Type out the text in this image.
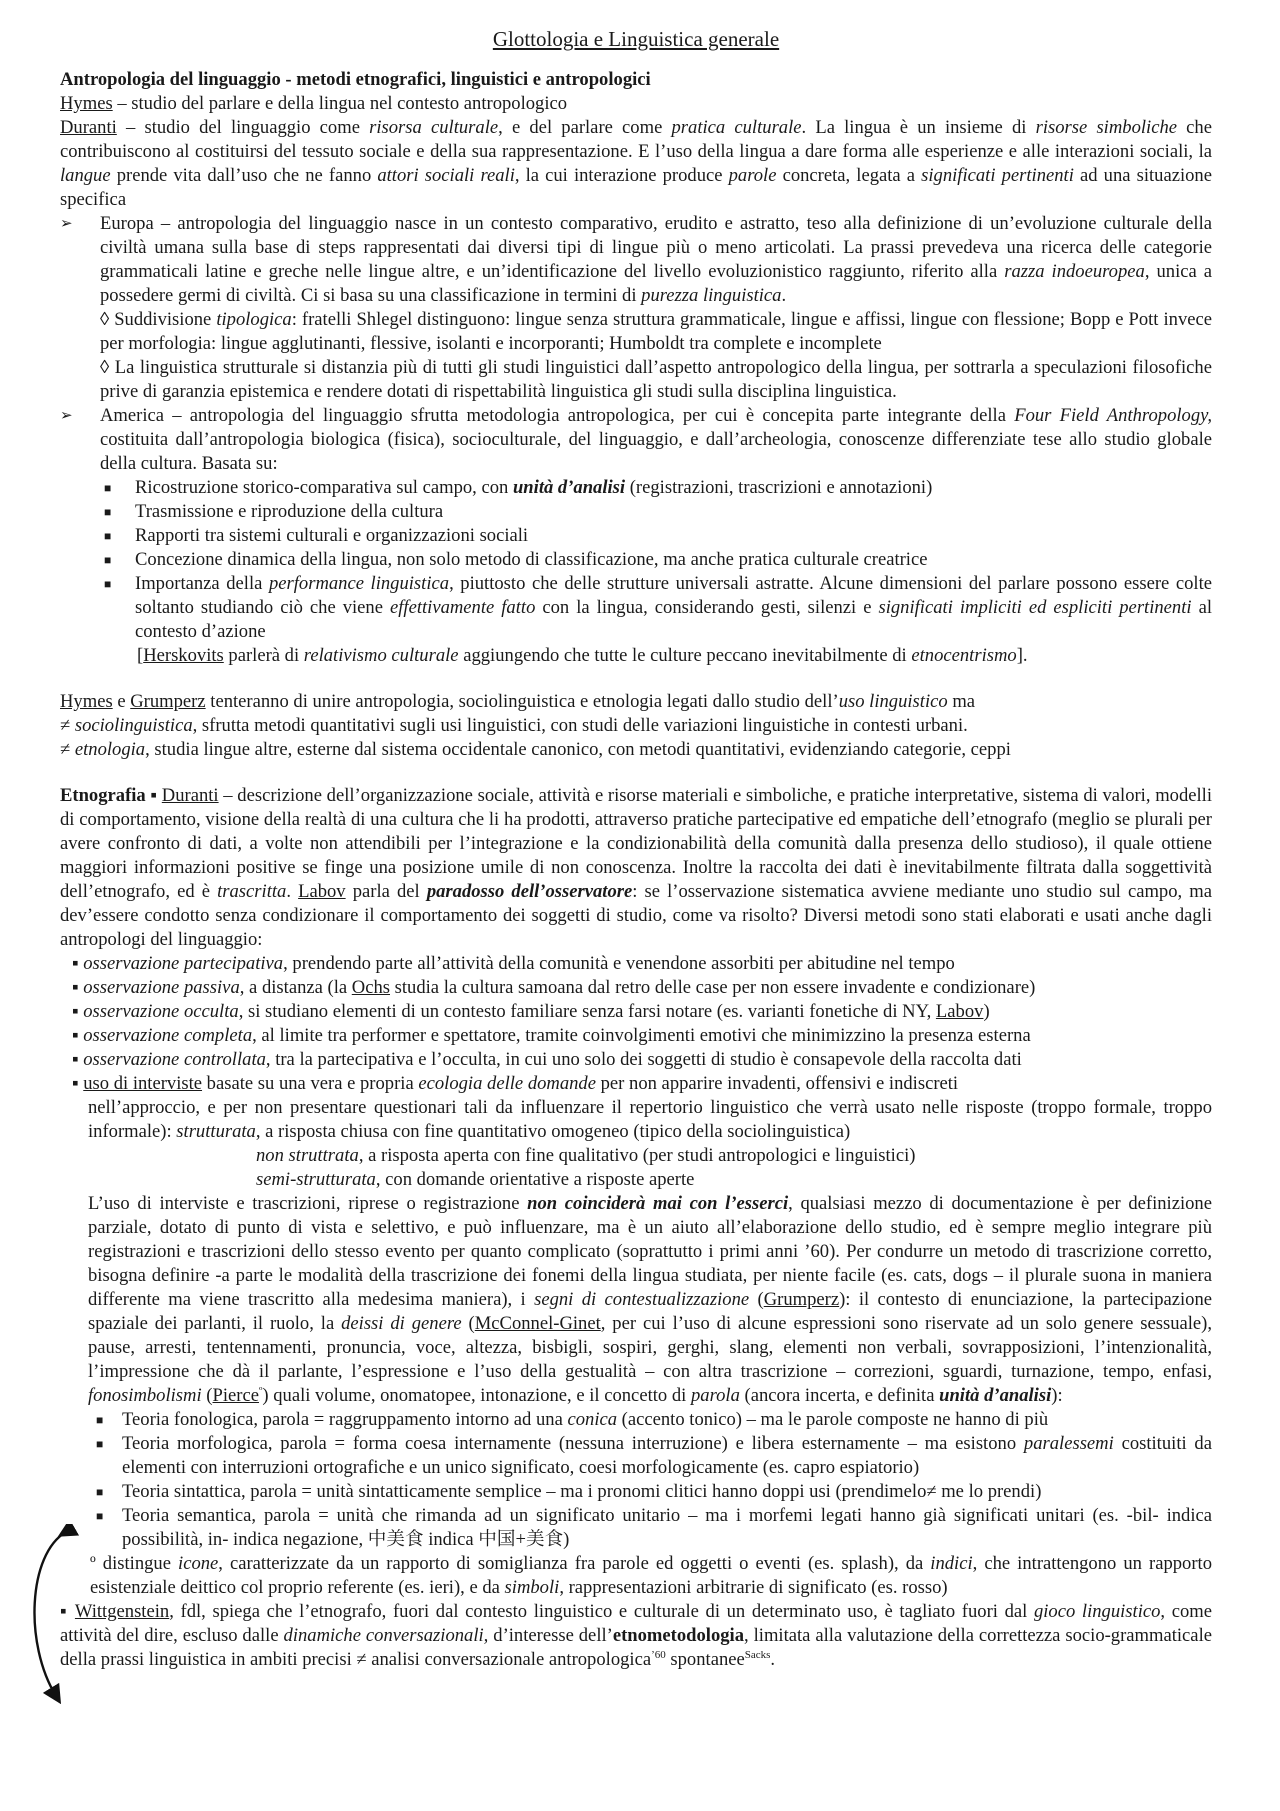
Glottologia e Linguistica generale

Antropologia del linguaggio - metodi etnografici, linguistici e antropologici

Hymes – studio del parlare e della lingua nel contesto antropologico

Duranti – studio del linguaggio come risorsa culturale, e del parlare come pratica culturale. La lingua è un insieme di risorse simboliche che contribuiscono al costituirsi del tessuto sociale e della sua rappresentazione. E l’uso della lingua a dare forma alle esperienze e alle interazioni sociali, la langue prende vita dall’uso che ne fanno attori sociali reali, la cui interazione produce parole concreta, legata a significati pertinenti ad una situazione specifica

➢ Europa – antropologia del linguaggio nasce in un contesto comparativo, erudito e astratto, teso alla definizione di un’evoluzione culturale della civiltà umana sulla base di steps rappresentati dai diversi tipi di lingue più o meno articolati. La prassi prevedeva una ricerca delle categorie grammaticali latine e greche nelle lingue altre, e un’identificazione del livello evoluzionistico raggiunto, riferito alla razza indoeuropea, unica a possedere germi di civiltà. Ci si basa su una classificazione in termini di purezza linguistica.

◊ Suddivisione tipologica: fratelli Shlegel distinguono: lingue senza struttura grammaticale, lingue e affissi, lingue con flessione; Bopp e Pott invece per morfologia: lingue agglutinanti, flessive, isolanti e incorporanti; Humboldt tra complete e incomplete

◊ La linguistica strutturale si distanzia più di tutti gli studi linguistici dall’aspetto antropologico della lingua, per sottrarla a speculazioni filosofiche prive di garanzia epistemica e rendere dotati di rispettabilità linguistica gli studi sulla disciplina linguistica.

➢ America – antropologia del linguaggio sfrutta metodologia antropologica, per cui è concepita parte integrante della Four Field Anthropology, costituita dall’antropologia biologica (fisica), socioculturale, del linguaggio, e dall’archeologia, conoscenze differenziate tese allo studio globale della cultura. Basata su:

■ Ricostruzione storico-comparativa sul campo, con unità d’analisi (registrazioni, trascrizioni e annotazioni)
■ Trasmissione e riproduzione della cultura
■ Rapporti tra sistemi culturali e organizzazioni sociali
■ Concezione dinamica della lingua, non solo metodo di classificazione, ma anche pratica culturale creatrice
■ Importanza della performance linguistica, piuttosto che delle strutture universali astratte. Alcune dimensioni del parlare possono essere colte soltanto studiando ciò che viene effettivamente fatto con la lingua, considerando gesti, silenzi e significati impliciti ed espliciti pertinenti al contesto d’azione

[Herskovits parlerà di relativismo culturale aggiungendo che tutte le culture peccano inevitabilmente di etnocentrismo].

Hymes e Grumperz tenteranno di unire antropologia, sociolinguistica e etnologia legati dallo studio dell’uso linguistico ma

≠ sociolinguistica, sfrutta metodi quantitativi sugli usi linguistici, con studi delle variazioni linguistiche in contesti urbani.

≠ etnologia, studia lingue altre, esterne dal sistema occidentale canonico, con metodi quantitativi, evidenziando categorie, ceppi

Etnografia ▪ Duranti – descrizione dell’organizzazione sociale, attività e risorse materiali e simboliche, e pratiche interpretative, sistema di valori, modelli di comportamento, visione della realtà di una cultura che li ha prodotti, attraverso pratiche partecipative ed empatiche dell’etnografo (meglio se plurali per avere confronto di dati, a volte non attendibili per l’integrazione e la condizionabilità della comunità dalla presenza dello studioso), il quale ottiene maggiori informazioni positive se finge una posizione umile di non conoscenza. Inoltre la raccolta dei dati è inevitabilmente filtrata dalla soggettività dell’etnografo, ed è trascritta. Labov parla del paradosso dell’osservatore: se l’osservazione sistematica avviene mediante uno studio sul campo, ma dev’essere condotto senza condizionare il comportamento dei soggetti di studio, come va risolto? Diversi metodi sono stati elaborati e usati anche dagli antropologi del linguaggio:

▪ osservazione partecipativa, prendendo parte all’attività della comunità e venendone assorbiti per abitudine nel tempo
▪ osservazione passiva, a distanza (la Ochs studia la cultura samoana dal retro delle case per non essere invadente e condizionare)
▪ osservazione occulta, si studiano elementi di un contesto familiare senza farsi notare (es. varianti fonetiche di NY, Labov)
▪ osservazione completa, al limite tra performer e spettatore, tramite coinvolgimenti emotivi che minimizzino la presenza esterna
▪ osservazione controllata, tra la partecipativa e l’occulta, in cui uno solo dei soggetti di studio è consapevole della raccolta dati
▪ uso di interviste basate su una vera e propria ecologia delle domande per non apparire invadenti, offensivi e indiscreti

nell’approccio, e per non presentare questionari tali da influenzare il repertorio linguistico che verrà usato nelle risposte (troppo formale, troppo informale): strutturata, a risposta chiusa con fine quantitativo omogeneo (tipico della sociolinguistica)

non struttrata, a risposta aperta con fine qualitativo (per studi antropologici e linguistici)

semi-strutturata, con domande orientative a risposte aperte

L’uso di interviste e trascrizioni, riprese o registrazione non coinciderà mai con l’esserci, qualsiasi mezzo di documentazione è per definizione parziale, dotato di punto di vista e selettivo, e può influenzare, ma è un aiuto all’elaborazione dello studio, ed è sempre meglio integrare più registrazioni e trascrizioni dello stesso evento per quanto complicato (soprattutto i primi anni ’60). Per condurre un metodo di trascrizione corretto, bisogna definire -a parte le modalità della trascrizione dei fonemi della lingua studiata, per niente facile (es. cats, dogs – il plurale suona in maniera differente ma viene trascritto alla medesima maniera), i segni di contestualizzazione (Grumperz): il contesto di enunciazione, la partecipazione spaziale dei parlanti, il ruolo, la deissi di genere (McConnel-Ginet, per cui l’uso di alcune espressioni sono riservate ad un solo genere sessuale), pause, arresti, tentennamenti, pronuncia, voce, altezza, bisbigli, sospiri, gerghi, slang, elementi non verbali, sovrapposizioni, l’intenzionalità, l’impressione che dà il parlante, l’espressione e l’uso della gestualità – con altra trascrizione – correzioni, sguardi, turnazione, tempo, enfasi, fonosimbolismi (Pierce$^º$) quali volume, onomatopee, intonazione, e il concetto di parola (ancora incerta, e definita unità d’analisi):

■ Teoria fonologica, parola = raggruppamento intorno ad una conica (accento tonico) – ma le parole composte ne hanno di più
■ Teoria morfologica, parola = forma coesa internamente (nessuna interruzione) e libera esternamente – ma esistono paralessemi costituiti da elementi con interruzioni ortografiche e un unico significato, coesi morfologicamente (es. capro espiatorio)
■ Teoria sintattica, parola = unità sintatticamente semplice – ma i pronomi clitici hanno doppi usi (prendimelo≠ me lo prendi)
■ Teoria semantica, parola = unità che rimanda ad un significato unitario – ma i morfemi legati hanno già significati unitari (es. -bil- indica possibilità, in- indica negazione, 中美食 indica 中国+美食)

º distingue icone, caratterizzate da un rapporto di somiglianza fra parole ed oggetti o eventi (es. splash), da indici, che intrattengono un rapporto esistenziale deittico col proprio referente (es. ieri), e da simboli, rappresentazioni arbitrarie di significato (es. rosso)

▪ Wittgenstein, fdl, spiega che l’etnografo, fuori dal contesto linguistico e culturale di un determinato uso, è tagliato fuori dal gioco linguistico, come attività del dire, escluso dalle dinamiche conversazionali, d’interesse dell’etnometodologia, limitata alla valutazione della correttezza socio-grammaticale della prassi linguistica in ambiti precisi ≠ analisi conversazionale antropologica$^{’60}$ spontanee$^{Sacks}$.
